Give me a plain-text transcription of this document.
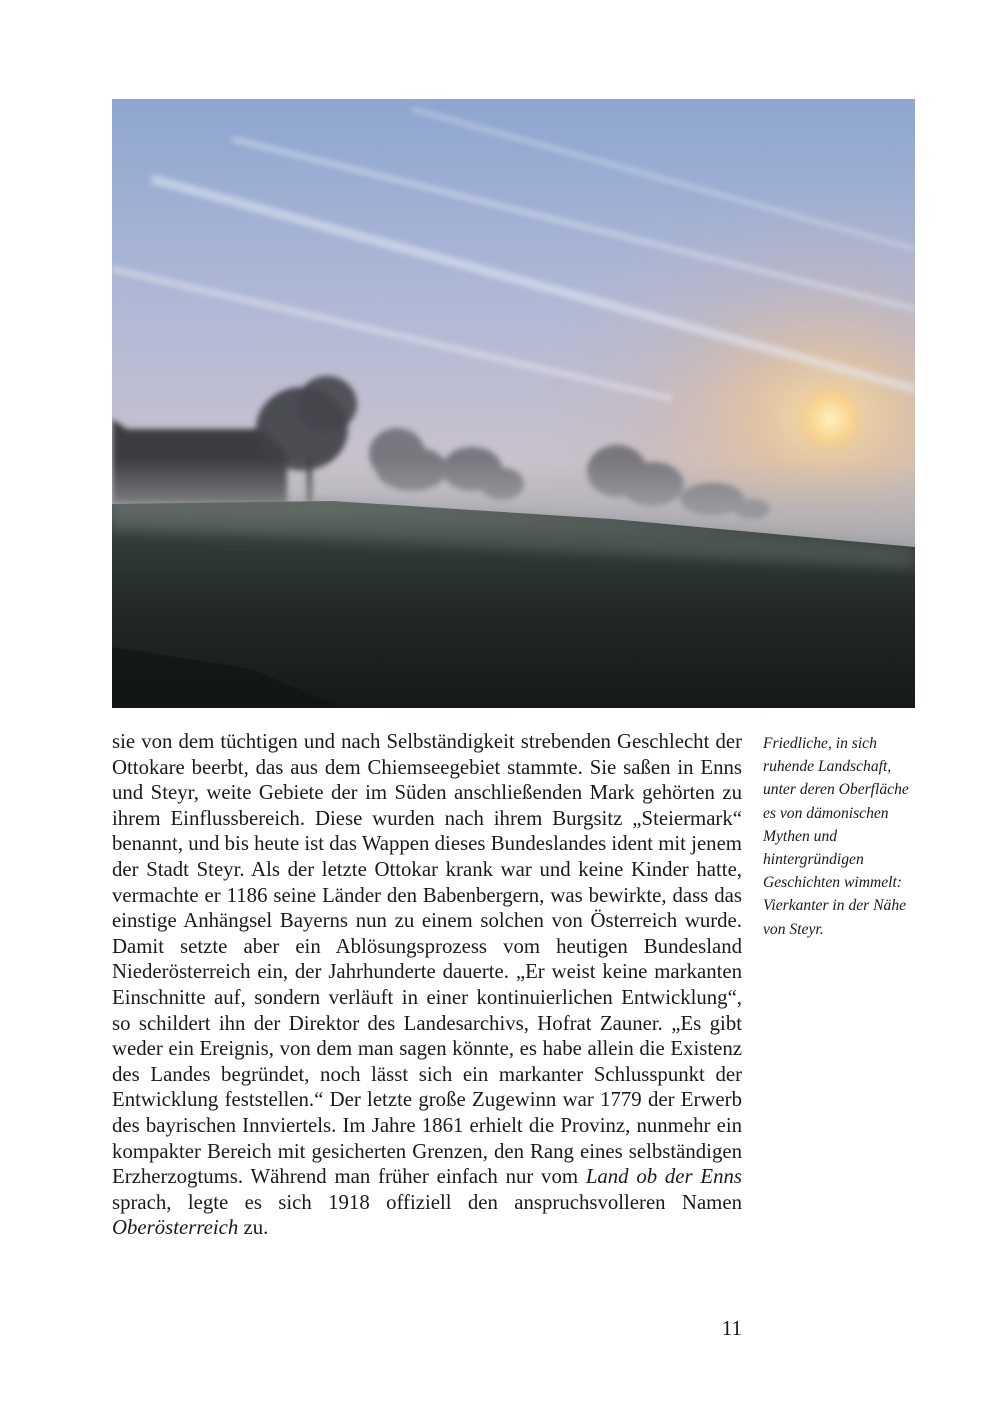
sie von dem tüchtigen und nach Selbständigkeit strebenden Geschlecht der Ottokare beerbt, das aus dem Chiemseegebiet stammte. Sie saßen in Enns und Steyr, weite Gebiete der im Süden anschließenden Mark gehörten zu ihrem Einflussbereich. Diese wurden nach ihrem Burgsitz „Steiermark“ benannt, und bis heute ist das Wappen dieses Bundeslandes ident mit jenem der Stadt Steyr. Als der letzte Ottokar krank war und keine Kinder hatte, vermachte er 1186 seine Länder den Babenbergern, was bewirkte, dass das einstige Anhängsel Bayerns nun zu einem solchen von Österreich wurde. Damit setzte aber ein Ablösungsprozess vom heutigen Bundesland Niederösterreich ein, der Jahrhunderte dauerte. „Er weist keine markanten Einschnitte auf, sondern verläuft in einer kontinuierlichen Entwicklung“, so schildert ihn der Direktor des Landesarchivs, Hofrat Zauner. „Es gibt weder ein Ereignis, von dem man sagen könnte, es habe allein die Existenz des Landes begründet, noch lässt sich ein markanter Schlusspunkt der Entwicklung feststellen.“ Der letzte große Zugewinn war 1779 der Erwerb des bayrischen Innviertels. Im Jahre 1861 erhielt die Provinz, nunmehr ein kompakter Bereich mit gesicherten Grenzen, den Rang eines selbständigen Erzherzogtums. Während man früher einfach nur vom Land ob der Enns sprach, legte es sich 1918 offiziell den anspruchsvolleren Namen Oberösterreich zu.

Friedliche, in sich ruhende Landschaft, unter deren Oberfläche es von dämonischen Mythen und hintergründigen Geschichten wimmelt: Vierkanter in der Nähe von Steyr.

11
